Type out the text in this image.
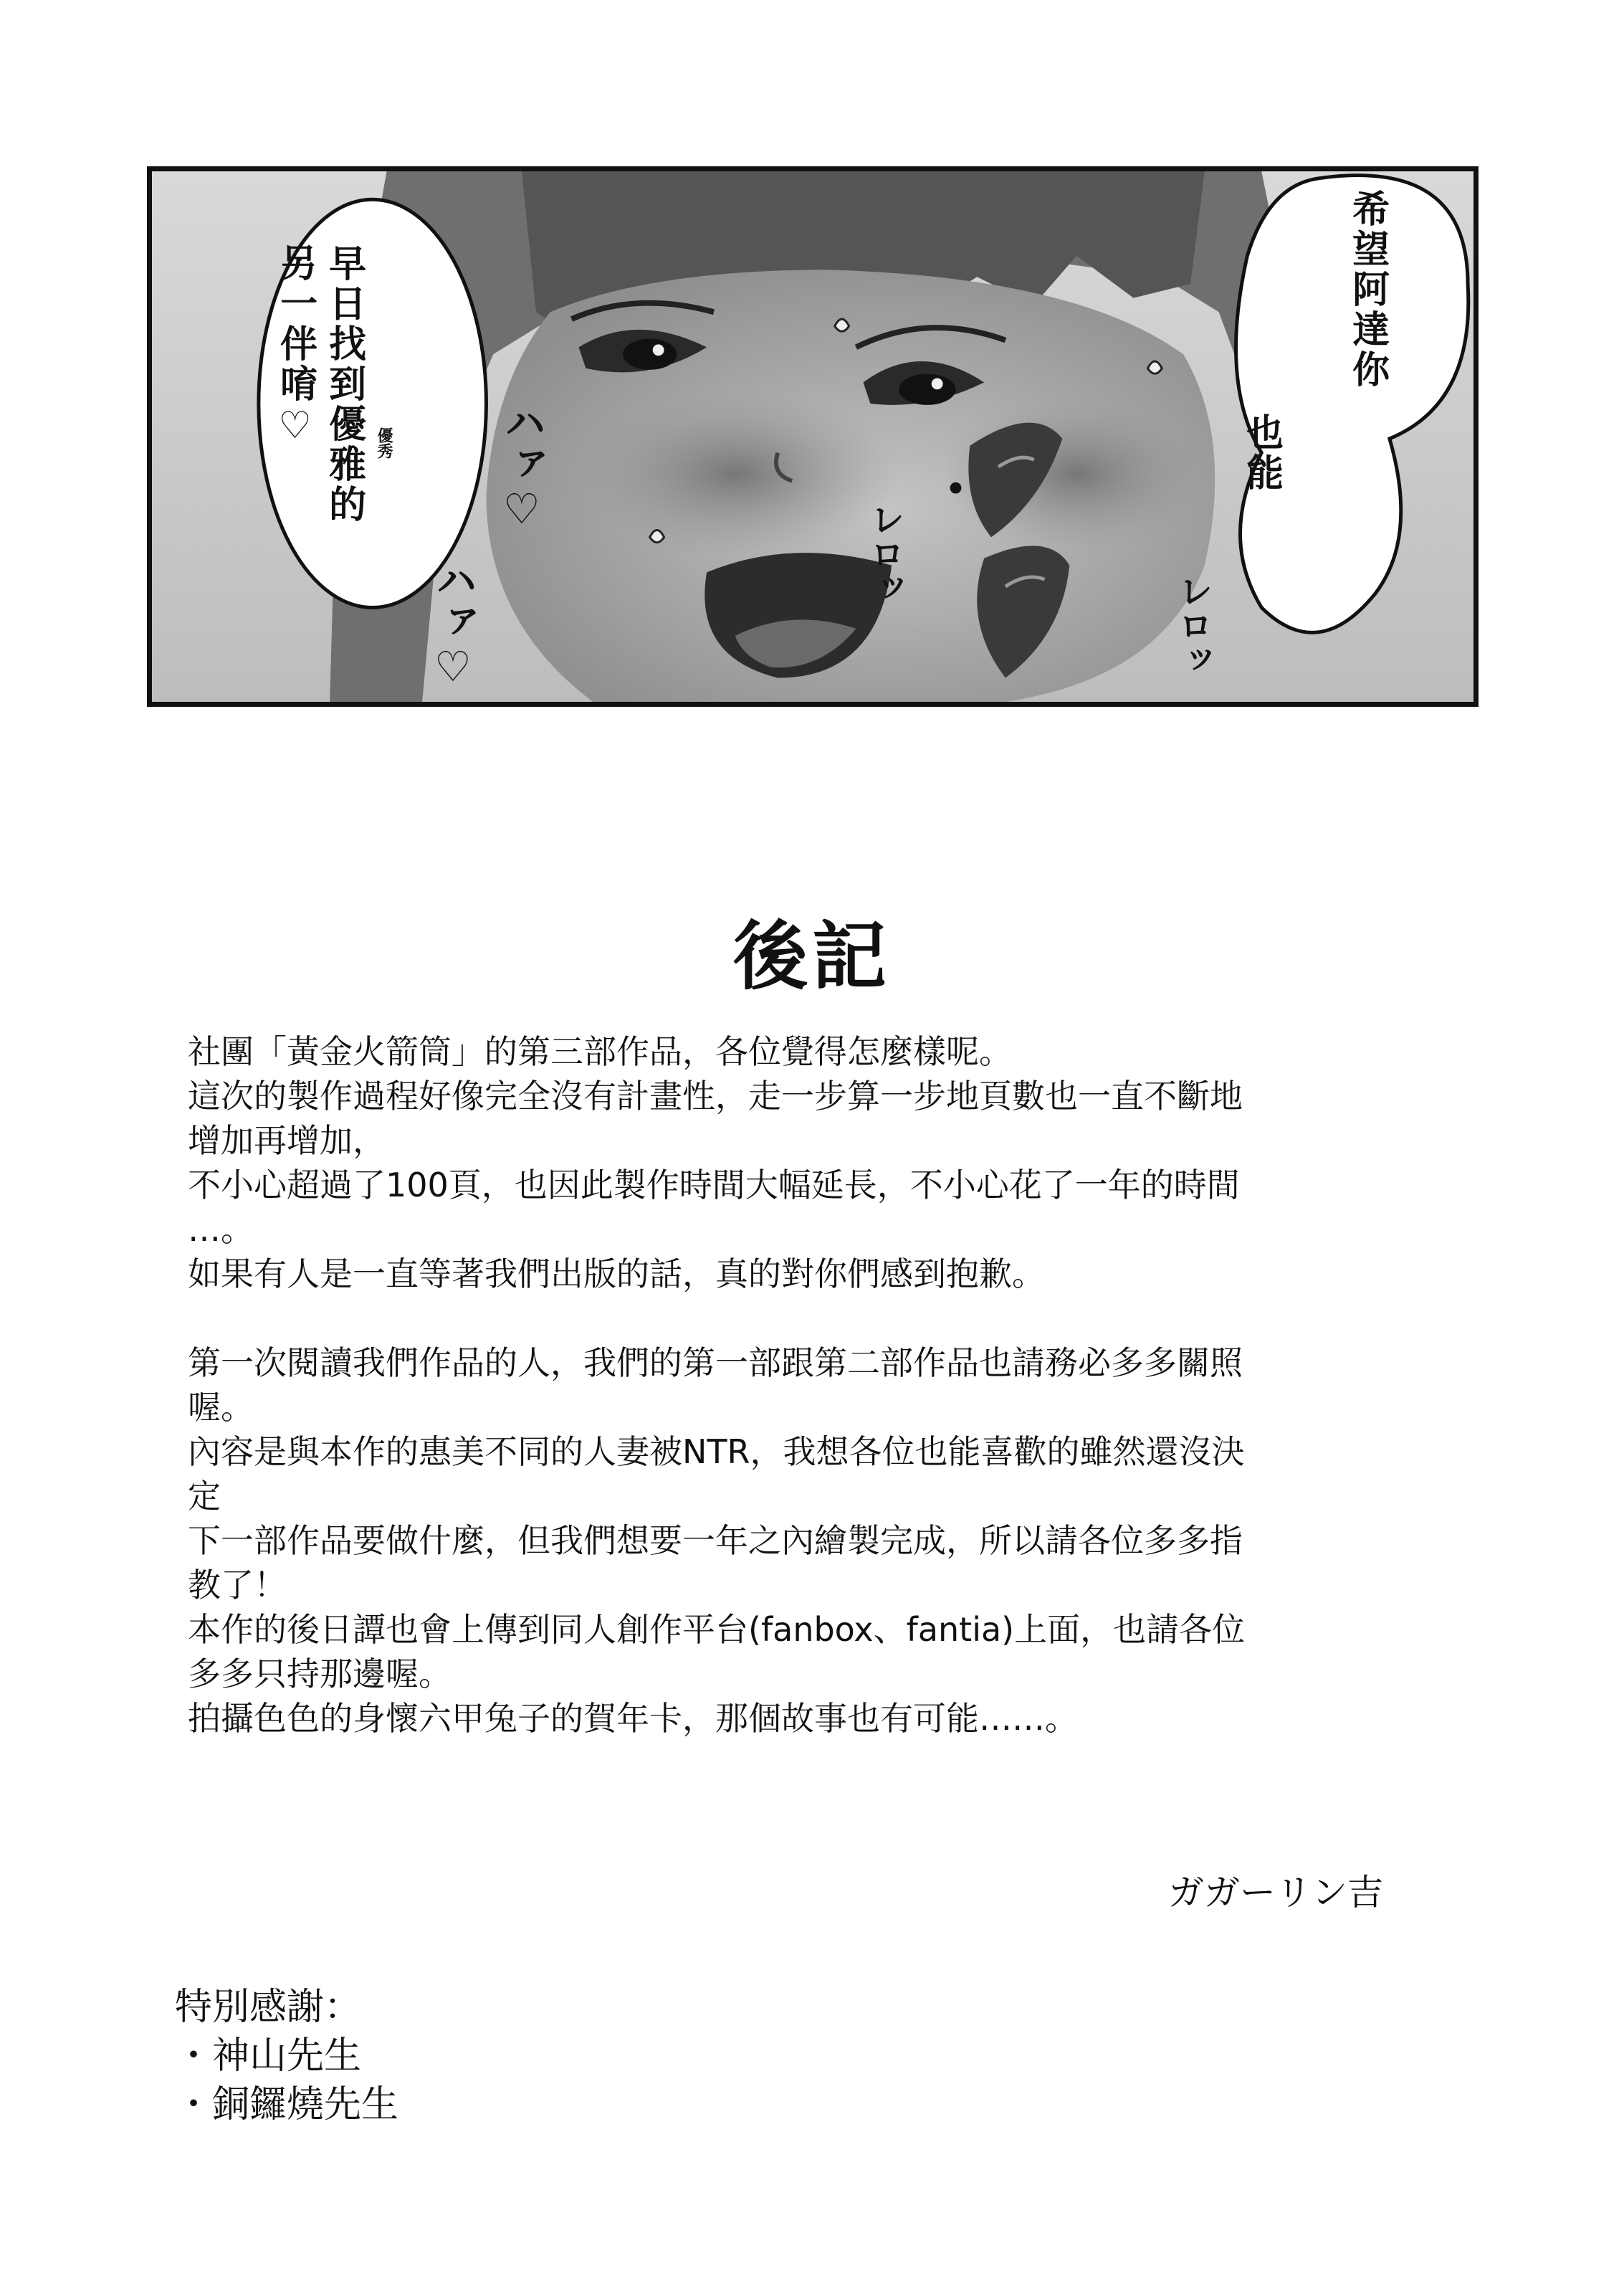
希望阿達你
也能
早日找到優雅的
另一伴唷♡	優秀	ハァ♡
ハァ♡
レロッ
レロッ
後記

社團「黃金火箭筒」的第三部作品，各位覺得怎麼樣呢。

這次的製作過程好像完全沒有計畫性，走一步算一步地頁數也一直不斷地

增加再增加，

不小心超過了100頁，也因此製作時間大幅延長，不小心花了一年的時間

…。

如果有人是一直等著我們出版的話，真的對你們感到抱歉。

第一次閱讀我們作品的人，我們的第一部跟第二部作品也請務必多多關照

喔。

內容是與本作的惠美不同的人妻被NTR，我想各位也能喜歡的雖然還沒決

定

下一部作品要做什麼，但我們想要一年之內繪製完成，所以請各位多多指

教了！

本作的後日譚也會上傳到同人創作平台(fanbox、fantia)上面，也請各位

多多只持那邊喔。

拍攝色色的身懷六甲兔子的賀年卡，那個故事也有可能……。

ガガーリン吉

特別感謝：

・神山先生

・銅鑼燒先生
